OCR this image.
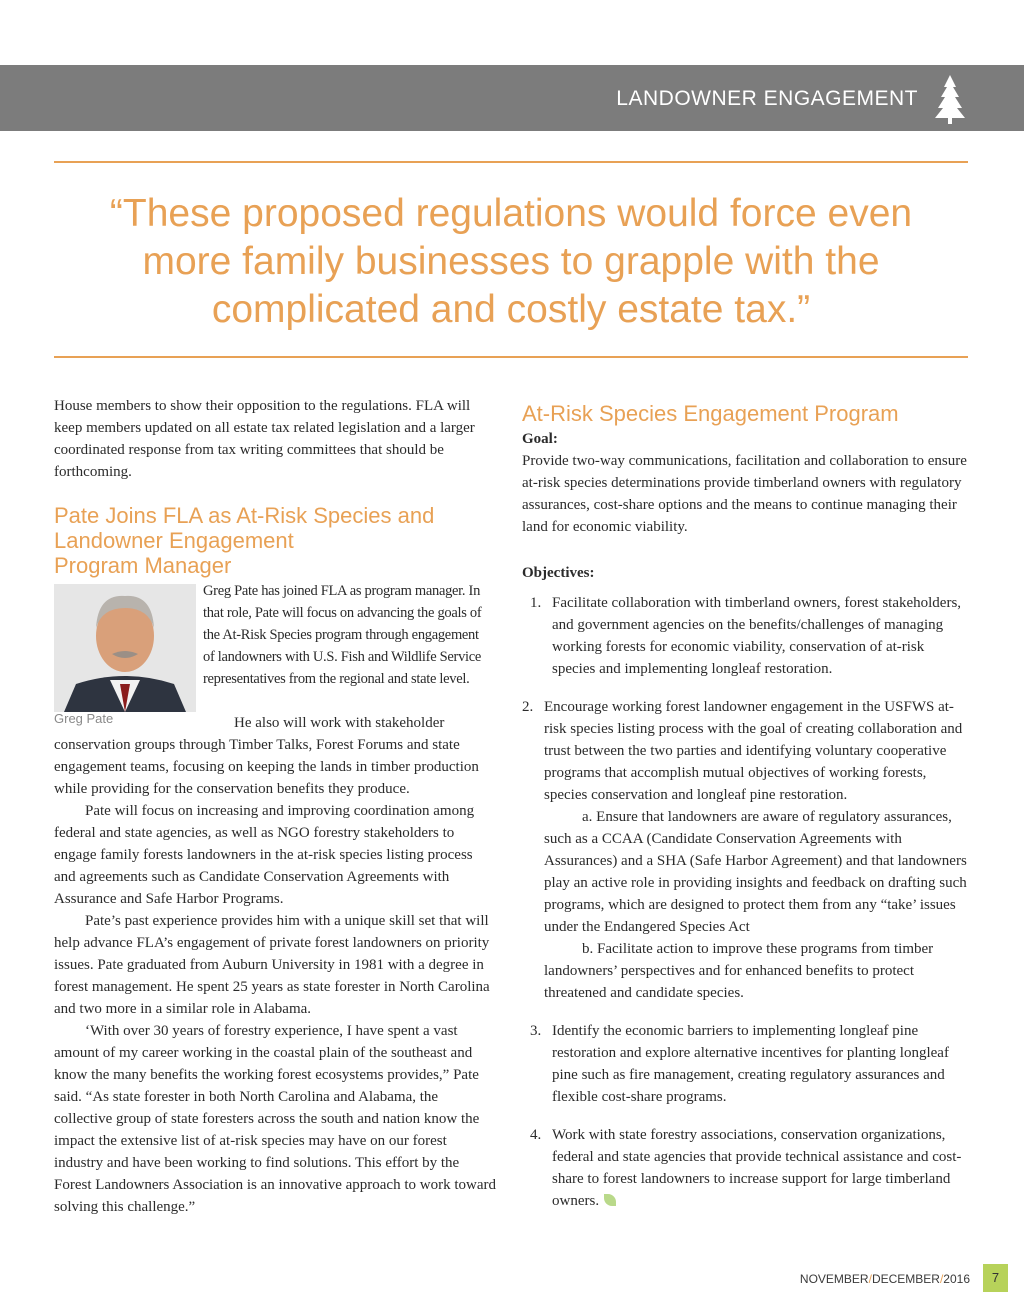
LANDOWNER ENGAGEMENT
“These proposed regulations would force even
more family businesses to grapple with the
complicated and costly estate tax.”

House members to show their opposition to the regulations. FLA will keep members updated on all estate tax related legislation and a larger coordinated response from tax writing committees that should be forthcoming.

Pate Joins FLA as At-Risk Species and
Landowner Engagement
Program Manager
Greg Pate

Greg Pate has joined FLA as program manager. In that role, Pate will focus on advancing the goals of the At-Risk Species program through engagement of landowners with U.S. Fish and Wildlife Service representatives from the regional and state level.

He also will work with stakeholder conservation groups through Timber Talks, Forest Forums and state engagement teams, focusing on keeping the lands in timber production while providing for the conservation benefits they produce.

Pate will focus on increasing and improving coordination among federal and state agencies, as well as NGO forestry stakeholders to engage family forests landowners in the at-risk species listing process and agreements such as Candidate Conservation Agreements with Assurance and Safe Harbor Programs.

Pate’s past experience provides him with a unique skill set that will help advance FLA’s engagement of private forest landowners on priority issues. Pate graduated from Auburn University in 1981 with a degree in forest management. He spent 25 years as state forester in North Carolina and two more in a similar role in Alabama.

‘With over 30 years of forestry experience, I have spent a vast amount of my career working in the coastal plain of the southeast and know the many benefits the working forest ecosystems provides,” Pate said. “As state forester in both North Carolina and Alabama, the collective group of state foresters across the south and nation know the impact the extensive list of at-risk species may have on our forest industry and have been working to find solutions. This effort by the Forest Landowners Association is an innovative approach to work toward solving this challenge.”

At-Risk Species Engagement Program

Goal:

Provide two-way communications, facilitation and collaboration to ensure at-risk species determinations provide timberland owners with regulatory assurances, cost-share options and the means to continue managing their land for economic viability.

Objectives:

1. Facilitate collaboration with timberland owners, forest stakeholders, and government agencies on the benefits/challenges of managing working forests for economic viability, conservation of at-risk species and implementing longleaf restoration.
2. Encourage working forest landowner engagement in the USFWS at-risk species listing process with the goal of creating collaboration and trust between the two parties and identifying voluntary cooperative programs that accomplish mutual objectives of working forests, species conservation and longleaf pine restoration.

a. Ensure that landowners are aware of regulatory assurances, such as a CCAA (Candidate Conservation Agreements with Assurances) and a SHA (Safe Harbor Agreement) and that landowners play an active role in providing insights and feedback on drafting such programs, which are designed to protect them from any “take’ issues under the Endangered Species Act

b. Facilitate action to improve these programs from timber landowners’ perspectives and for enhanced benefits to protect threatened and candidate species.

3. Identify the economic barriers to implementing longleaf pine restoration and explore alternative incentives for planting longleaf pine such as fire management, creating regulatory assurances and flexible cost-share programs.
4. Work with state forestry associations, conservation organizations, federal and state agencies that provide technical assistance and cost-share to forest landowners to increase support for large timberland owners.
NOVEMBER/DECEMBER/2016	7
